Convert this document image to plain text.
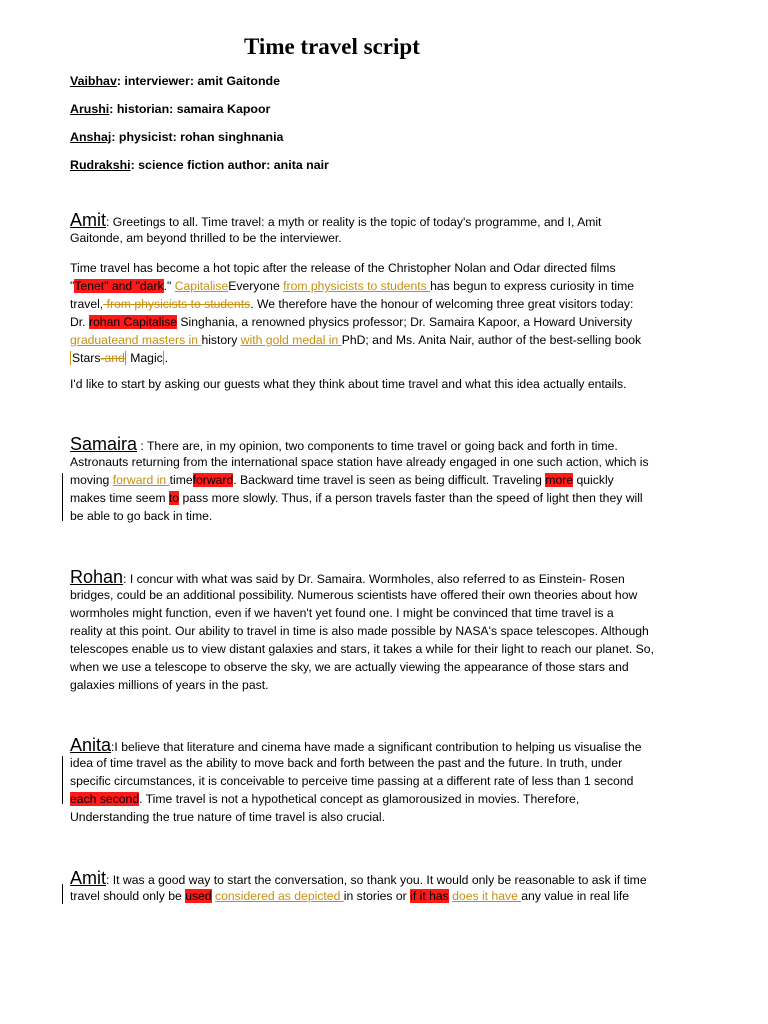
Time travel script
Vaibhav: interviewer: amit Gaitonde
Arushi: historian: samaira Kapoor
Anshaj: physicist: rohan singhnania
Rudrakshi: science fiction author: anita nair
Amit: Greetings to all. Time travel: a myth or reality is the topic of today's programme, and I, Amit
Gaitonde, am beyond thrilled to be the interviewer.
Time travel has become a hot topic after the release of the Christopher Nolan and Odar directed films
"Tenet" and "dark." CapitaliseEveryone from physicists to students has begun to express curiosity in time
travel, from physicists to students. We therefore have the honour of welcoming three great visitors today:
Dr. rohan Capitalise Singhania, a renowned physics professor; Dr. Samaira Kapoor, a Howard University
graduateand masters in history with gold medal in PhD; and Ms. Anita Nair, author of the best-selling book
Stars-and Magic .
I'd like to start by asking our guests what they think about time travel and what this idea actually entails.
Samaira : There are, in my opinion, two components to time travel or going back and forth in time.
Astronauts returning from the international space station have already engaged in one such action, which is
moving forward in timeforward. Backward time travel is seen as being difficult. Traveling more quickly
makes time seem to pass more slowly. Thus, if a person travels faster than the speed of light then they will
be able to go back in time.
Rohan: I concur with what was said by Dr. Samaira. Wormholes, also referred to as Einstein- Rosen
bridges, could be an additional possibility. Numerous scientists have offered their own theories about how
wormholes might function, even if we haven't yet found one. I might be convinced that time travel is a
reality at this point. Our ability to travel in time is also made possible by NASA's space telescopes. Although
telescopes enable us to view distant galaxies and stars, it takes a while for their light to reach our planet. So,
when we use a telescope to observe the sky, we are actually viewing the appearance of those stars and
galaxies millions of years in the past.
Anita:I believe that literature and cinema have made a significant contribution to helping us visualise the
idea of time travel as the ability to move back and forth between the past and the future. In truth, under
specific circumstances, it is conceivable to perceive time passing at a different rate of less than 1 second
each second. Time travel is not a hypothetical concept as glamorousized in movies. Therefore,
Understanding the true nature of time travel is also crucial.
Amit: It was a good way to start the conversation, so thank you. It would only be reasonable to ask if time
travel should only be used considered as depicted in stories or if it has does it have any value in real life
